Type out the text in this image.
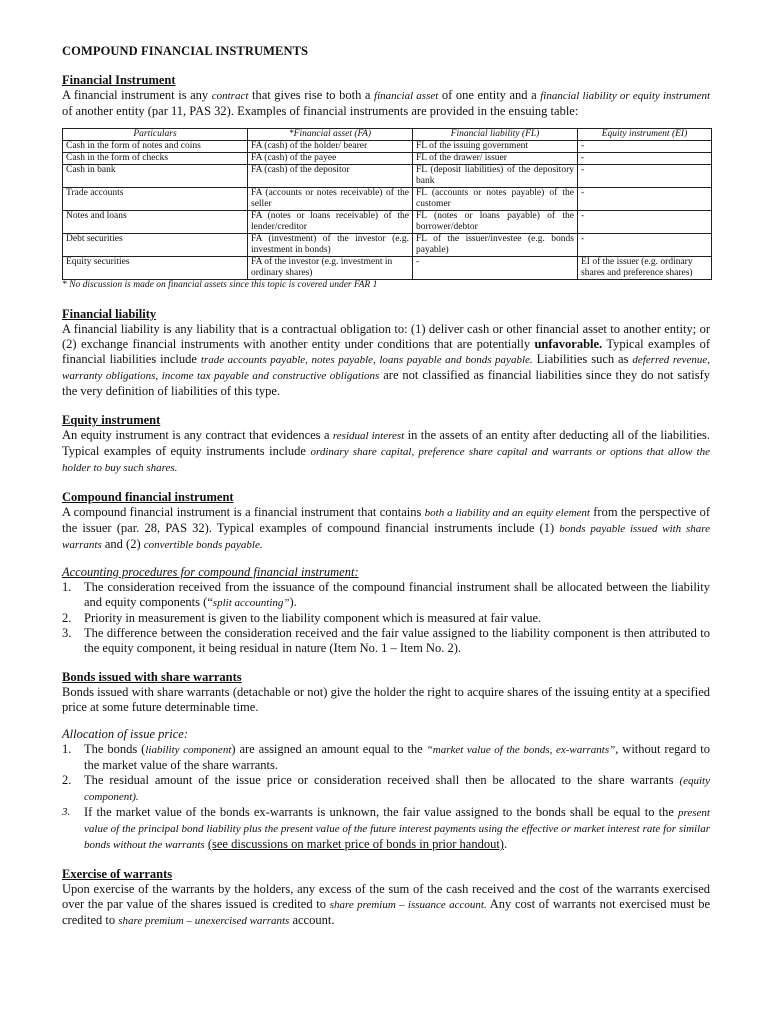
COMPOUND FINANCIAL INSTRUMENTS
Financial Instrument

A financial instrument is any contract that gives rise to both a financial asset of one entity and a financial liability or equity instrument of another entity (par 11, PAS 32). Examples of financial instruments are provided in the ensuing table:

Particulars	*Financial asset (FA)	Financial liability (FL)	Equity instrument (EI)
Cash in the form of notes and coins	FA (cash) of the holder/ bearer	FL of the issuing government	-
Cash in the form of checks	FA (cash) of the payee	FL of the drawer/ issuer	-
Cash in bank	FA (cash) of the depositor	FL (deposit liabilities) of the depository bank	-
Trade accounts	FA (accounts or notes receivable) of the seller	FL (accounts or notes payable) of the customer	-
Notes and loans	FA (notes or loans receivable) of the lender/creditor	FL (notes or loans payable) of the borrower/debtor	-
Debt securities	FA (investment) of the investor (e.g. investment in bonds)	FL of the issuer/investee (e.g. bonds payable)	-
Equity securities	FA of the investor (e.g. investment in ordinary shares)	-	EI of the issuer (e.g. ordinary shares and preference shares)
* No discussion is made on financial assets since this topic is covered under FAR 1
Financial liability

A financial liability is any liability that is a contractual obligation to: (1) deliver cash or other financial asset to another entity; or (2) exchange financial instruments with another entity under conditions that are potentially unfavorable. Typical examples of financial liabilities include trade accounts payable, notes payable, loans payable and bonds payable. Liabilities such as deferred revenue, warranty obligations, income tax payable and constructive obligations are not classified as financial liabilities since they do not satisfy the very definition of liabilities of this type.

Equity instrument

An equity instrument is any contract that evidences a residual interest in the assets of an entity after deducting all of the liabilities. Typical examples of equity instruments include ordinary share capital, preference share capital and warrants or options that allow the holder to buy such shares.

Compound financial instrument

A compound financial instrument is a financial instrument that contains both a liability and an equity element from the perspective of the issuer (par. 28, PAS 32). Typical examples of compound financial instruments include (1) bonds payable issued with share warrants and (2) convertible bonds payable.

Accounting procedures for compound financial instrument:
1. The consideration received from the issuance of the compound financial instrument shall be allocated between the liability and equity components (“split accounting”).
2. Priority in measurement is given to the liability component which is measured at fair value.
3. The difference between the consideration received and the fair value assigned to the liability component is then attributed to the equity component, it being residual in nature (Item No. 1 – Item No. 2).
Bonds issued with share warrants

Bonds issued with share warrants (detachable or not) give the holder the right to acquire shares of the issuing entity at a specified price at some future determinable time.

Allocation of issue price:
1. The bonds (liability component) are assigned an amount equal to the “market value of the bonds, ex-warrants”, without regard to the market value of the share warrants.
2. The residual amount of the issue price or consideration received shall then be allocated to the share warrants (equity component).
3. If the market value of the bonds ex-warrants is unknown, the fair value assigned to the bonds shall be equal to the present value of the principal bond liability plus the present value of the future interest payments using the effective or market interest rate for similar bonds without the warrants (see discussions on market price of bonds in prior handout).
Exercise of warrants

Upon exercise of the warrants by the holders, any excess of the sum of the cash received and the cost of the warrants exercised over the par value of the shares issued is credited to share premium – issuance account. Any cost of warrants not exercised must be credited to share premium – unexercised warrants account.
